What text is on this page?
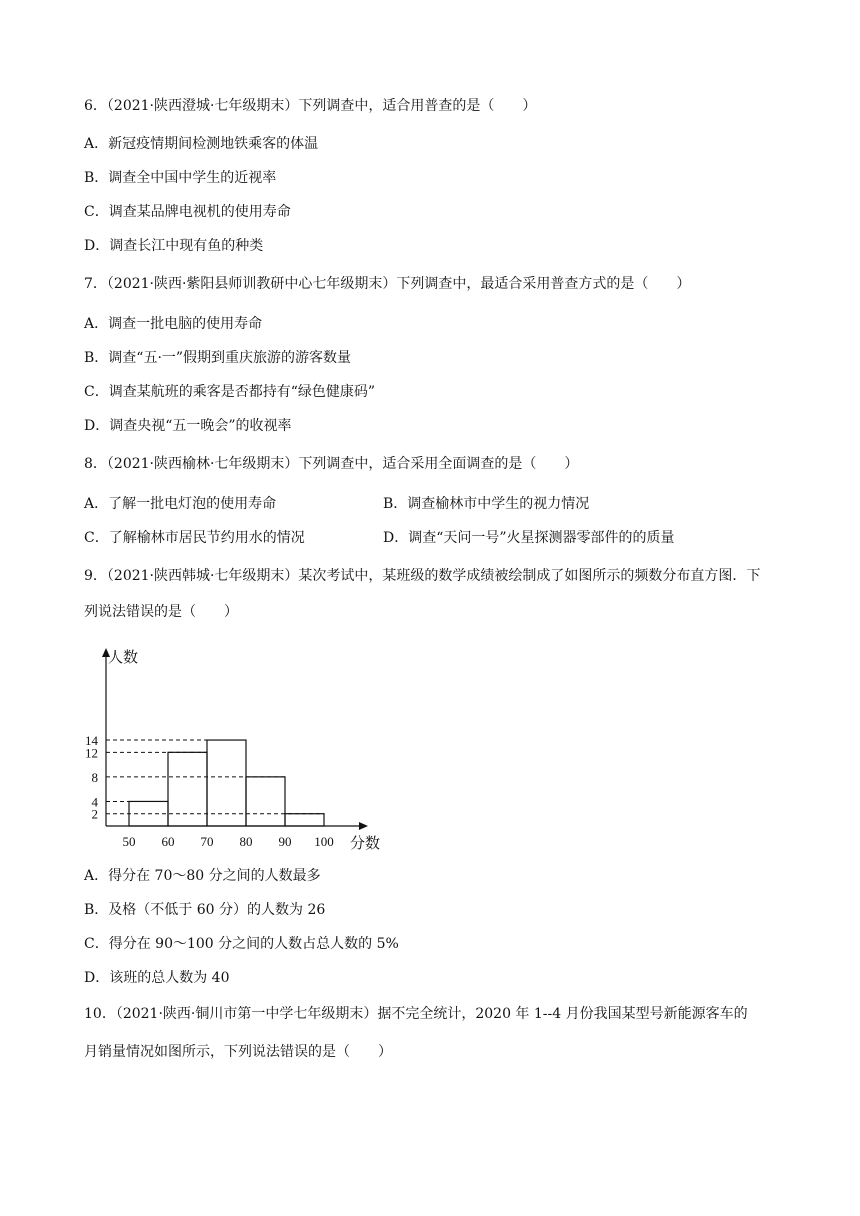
6．（2021·陕西澄城·七年级期末）下列调查中，适合用普查的是（　　）
A．新冠疫情期间检测地铁乘客的体温
B．调查全中国中学生的近视率
C．调查某品牌电视机的使用寿命
D．调查长江中现有鱼的种类
7．（2021·陕西·紫阳县师训教研中心七年级期末）下列调查中，最适合采用普查方式的是（　　）
A．调查一批电脑的使用寿命
B．调查“五·一”假期到重庆旅游的游客数量
C．调查某航班的乘客是否都持有“绿色健康码”
D．调查央视“五一晚会”的收视率
8．（2021·陕西榆林·七年级期末）下列调查中，适合采用全面调查的是（　　）
A．了解一批电灯泡的使用寿命	B．调查榆林市中学生的视力情况
C．了解榆林市居民节约用水的情况	D．调查“天问一号”火星探测器零部件的的质量
9．（2021·陕西韩城·七年级期末）某次考试中，某班级的数学成绩被绘制成了如图所示的频数分布直方图．下
列说法错误的是（　　）
2
4
8
12
14
50 60 70 80 90 100
人数
分数
A．得分在 70～80 分之间的人数最多
B．及格（不低于 60 分）的人数为 26
C．得分在 90～100 分之间的人数占总人数的 5%
D．该班的总人数为 40
10．（2021·陕西·铜川市第一中学七年级期末）据不完全统计，2020 年 1--4 月份我国某型号新能源客车的
月销量情况如图所示，下列说法错误的是（　　）
